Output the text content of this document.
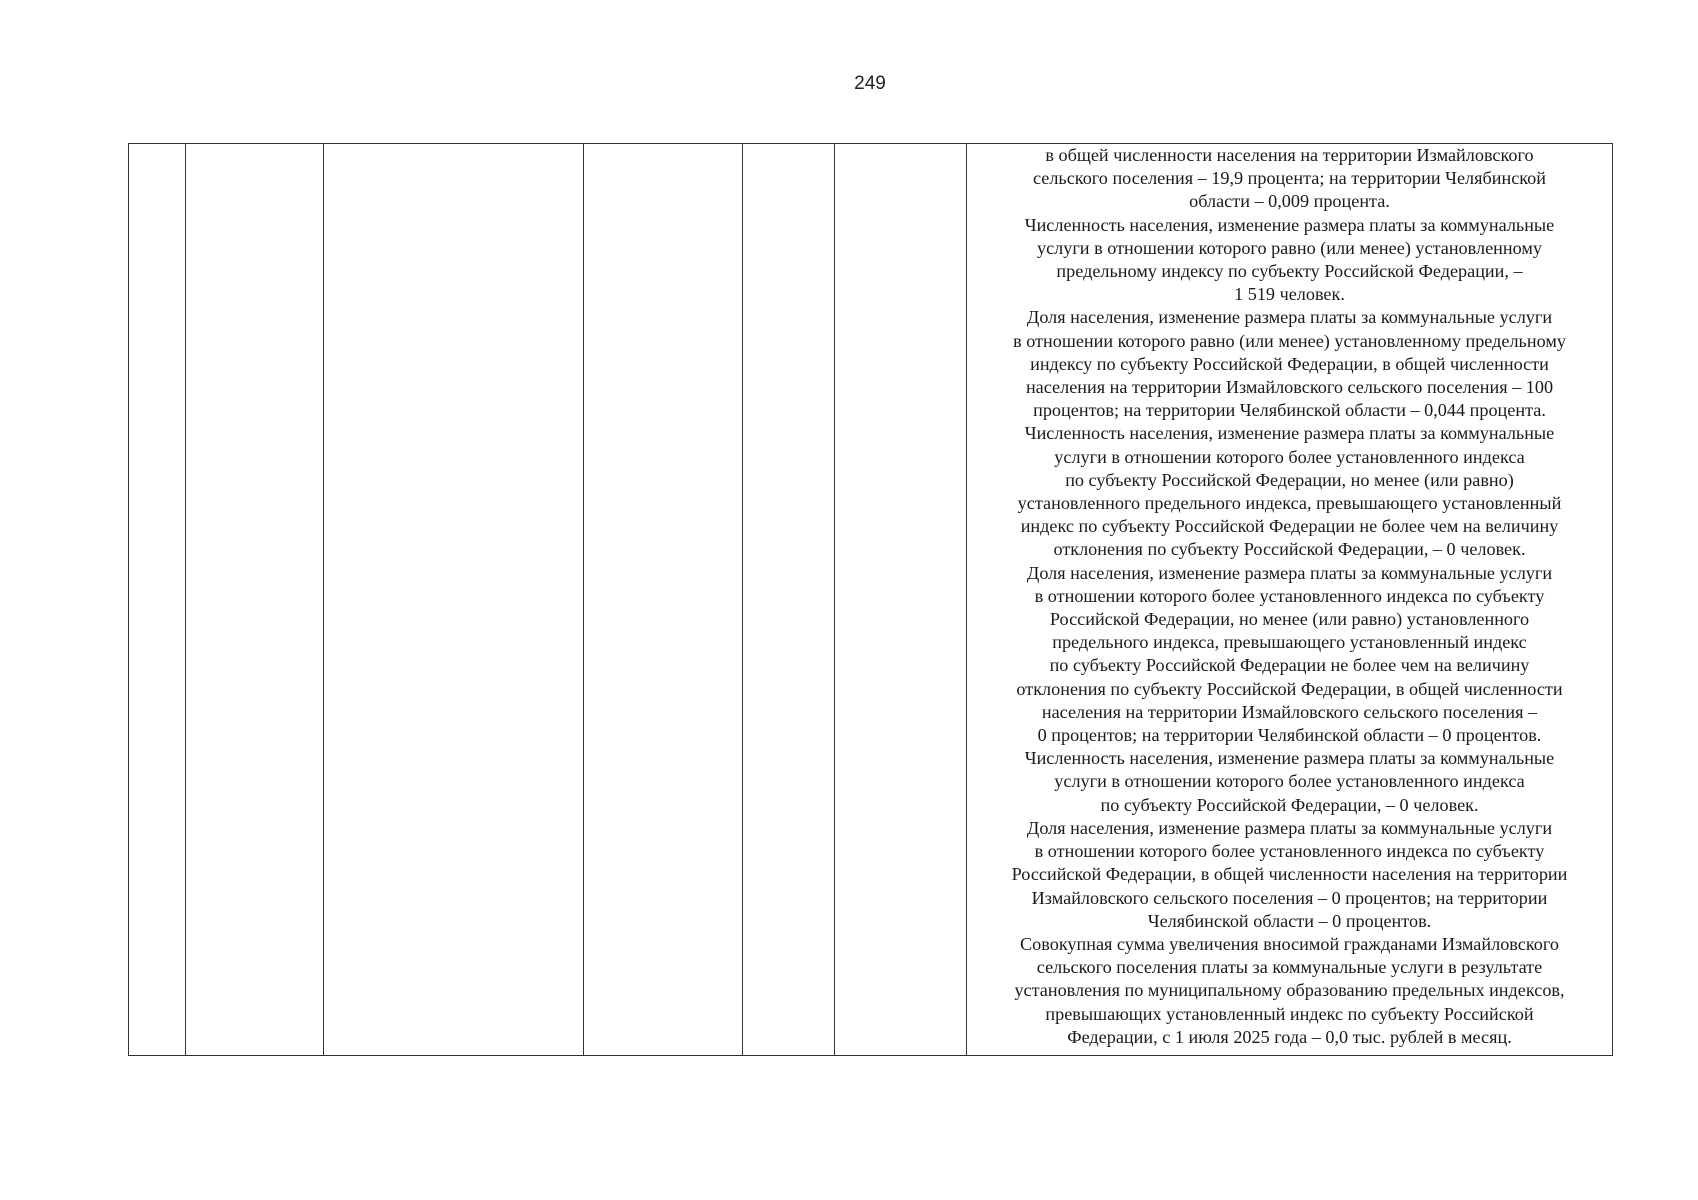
249

в общей численности населения на территории Измайловского
сельского поселения – 19,9 процента; на территории Челябинской
области – 0,009 процента.
Численность населения, изменение размера платы за коммунальные
услуги в отношении которого равно (или менее) установленному
предельному индексу по субъекту Российской Федерации, –
1 519 человек.
Доля населения, изменение размера платы за коммунальные услуги
в отношении которого равно (или менее) установленному предельному
индексу по субъекту Российской Федерации, в общей численности
населения на территории Измайловского сельского поселения – 100
процентов; на территории Челябинской области – 0,044 процента.
Численность населения, изменение размера платы за коммунальные
услуги в отношении которого более установленного индекса
по субъекту Российской Федерации, но менее (или равно)
установленного предельного индекса, превышающего установленный
индекс по субъекту Российской Федерации не более чем на величину
отклонения по субъекту Российской Федерации, – 0 человек.
Доля населения, изменение размера платы за коммунальные услуги
в отношении которого более установленного индекса по субъекту
Российской Федерации, но менее (или равно) установленного
предельного индекса, превышающего установленный индекс
по субъекту Российской Федерации не более чем на величину
отклонения по субъекту Российской Федерации, в общей численности
населения на территории Измайловского сельского поселения –
0 процентов; на территории Челябинской области – 0 процентов.
Численность населения, изменение размера платы за коммунальные
услуги в отношении которого более установленного индекса
по субъекту Российской Федерации, – 0 человек.
Доля населения, изменение размера платы за коммунальные услуги
в отношении которого более установленного индекса по субъекту
Российской Федерации, в общей численности населения на территории
Измайловского сельского поселения – 0 процентов; на территории
Челябинской области – 0 процентов.
Совокупная сумма увеличения вносимой гражданами Измайловского
сельского поселения платы за коммунальные услуги в результате
установления по муниципальному образованию предельных индексов,
превышающих установленный индекс по субъекту Российской
Федерации, с 1 июля 2025 года – 0,0 тыс. рублей в месяц.
